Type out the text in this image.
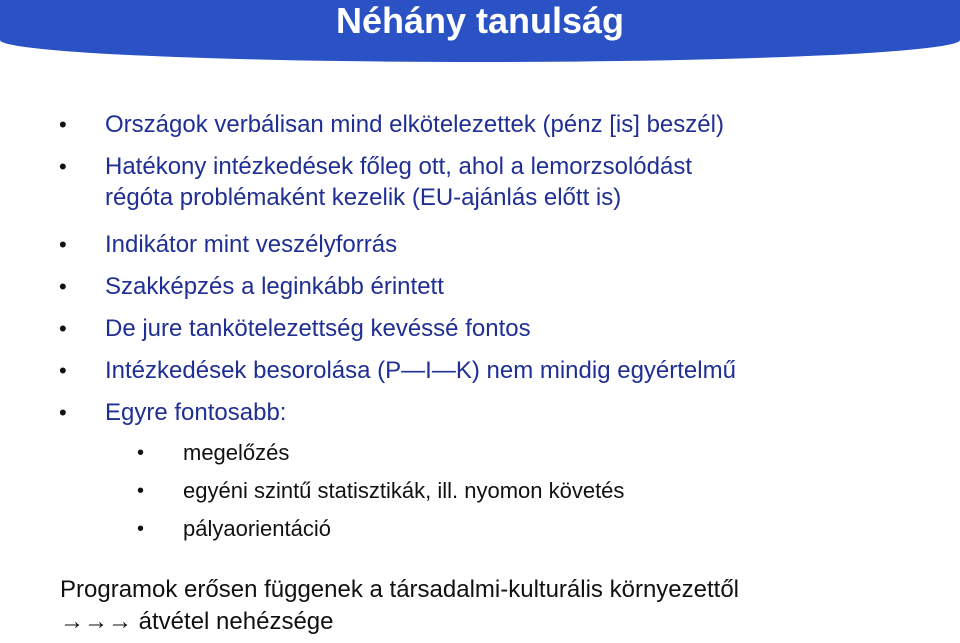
Néhány tanulság
• Országok verbálisan mind elkötelezettek (pénz [is] beszél)
• Hatékony intézkedések főleg ott, ahol a lemorzsolódást
régóta problémaként kezelik (EU-ajánlás előtt is)
• Indikátor mint veszélyforrás
• Szakképzés a leginkább érintett
• De jure tankötelezettség kevéssé fontos
• Intézkedések besorolása (P—I—K) nem mindig egyértelmű
• Egyre fontosabb:
• megelőzés
• egyéni szintű statisztikák, ill. nyomon követés
• pályaorientáció
Programok erősen függenek a társadalmi-kulturális környezettől
→→→ átvétel nehézsége
